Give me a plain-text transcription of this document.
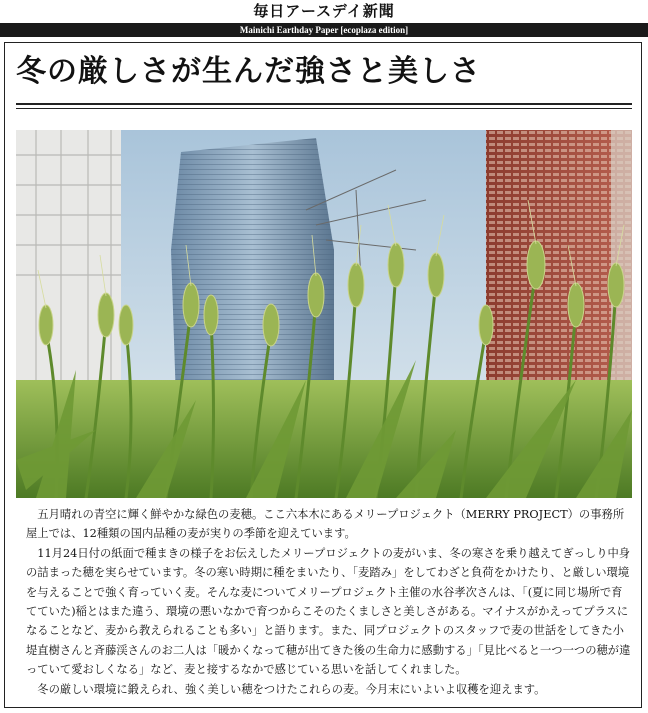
毎日アースデイ新聞
Mainichi Earthday Paper [ecoplaza edition]
冬の厳しさが生んだ強さと美しさ

五月晴れの青空に輝く鮮やかな緑色の麦穂。ここ六本木にあるメリープロジェクト（MERRY PROJECT）の事務所屋上では、12種類の国内品種の麦が実りの季節を迎えています。

11月24日付の紙面で種まきの様子をお伝えしたメリープロジェクトの麦がいま、冬の寒さを乗り越えてぎっしり中身の詰まった穂を実らせています。冬の寒い時期に種をまいたり、「麦踏み」をしてわざと負荷をかけたり、と厳しい環境を与えることで強く育っていく麦。そんな麦についてメリープロジェクト主催の水谷孝次さんは、「(夏に同じ場所で育てていた)稲とはまた違う、環境の悪いなかで育つからこそのたくましさと美しさがある。マイナスがかえってプラスになることなど、麦から教えられることも多い」と語ります。また、同プロジェクトのスタッフで麦の世話をしてきた小堤直樹さんと斉藤渓さんのお二人は「暖かくなって穂が出てきた後の生命力に感動する」「見比べると一つ一つの穂が違っていて愛おしくなる」など、麦と接するなかで感じている思いを話してくれました。

冬の厳しい環境に鍛えられ、強く美しい穂をつけたこれらの麦。今月末にいよいよ収穫を迎えます。
